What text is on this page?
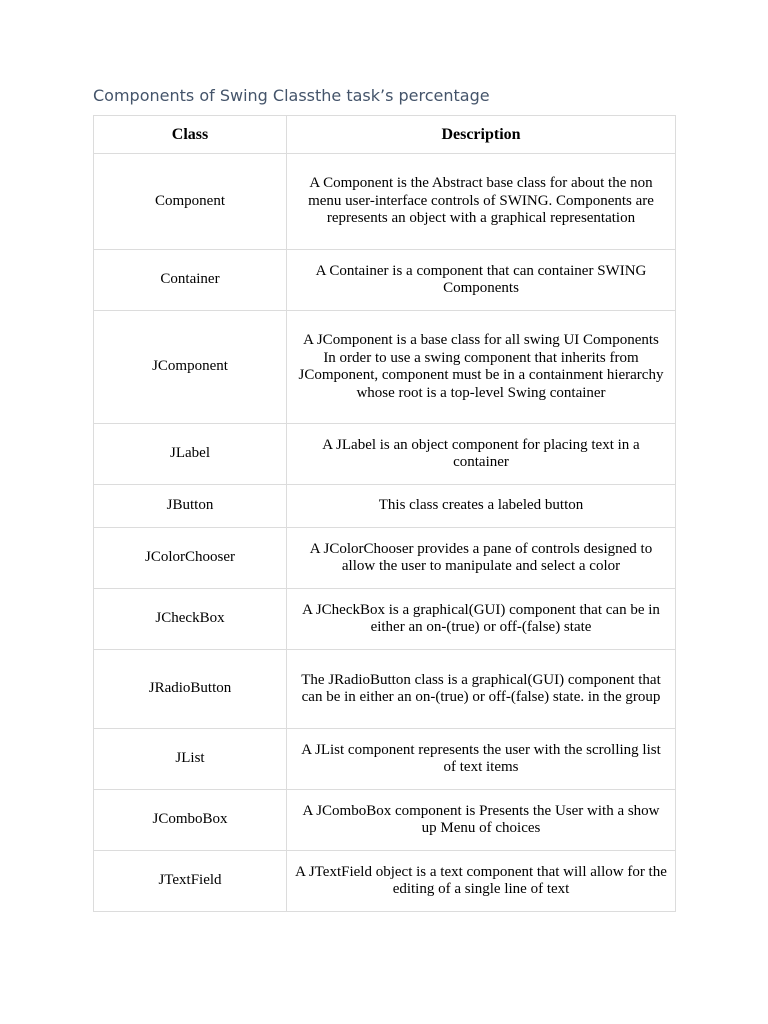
Components of Swing Classthe task’s percentage
Class	Description
Component	A Component is the Abstract base class for about the non menu user-interface controls of SWING. Components are represents an object with a graphical representation
Container	A Container is a component that can container SWING Components
JComponent	A JComponent is a base class for all swing UI Components In order to use a swing component that inherits from JComponent, component must be in a containment hierarchy whose root is a top-level Swing container
JLabel	A JLabel is an object component for placing text in a container
JButton	This class creates a labeled button
JColorChooser	A JColorChooser provides a pane of controls designed to allow the user to manipulate and select a color
JCheckBox	A JCheckBox is a graphical(GUI) component that can be in either an on-(true) or off-(false) state
JRadioButton	The JRadioButton class is a graphical(GUI) component that can be in either an on-(true) or off-(false) state. in the group
JList	A JList component represents the user with the scrolling list of text items
JComboBox	A JComboBox component is Presents the User with a show up Menu of choices
JTextField	A JTextField object is a text component that will allow for the editing of a single line of text
